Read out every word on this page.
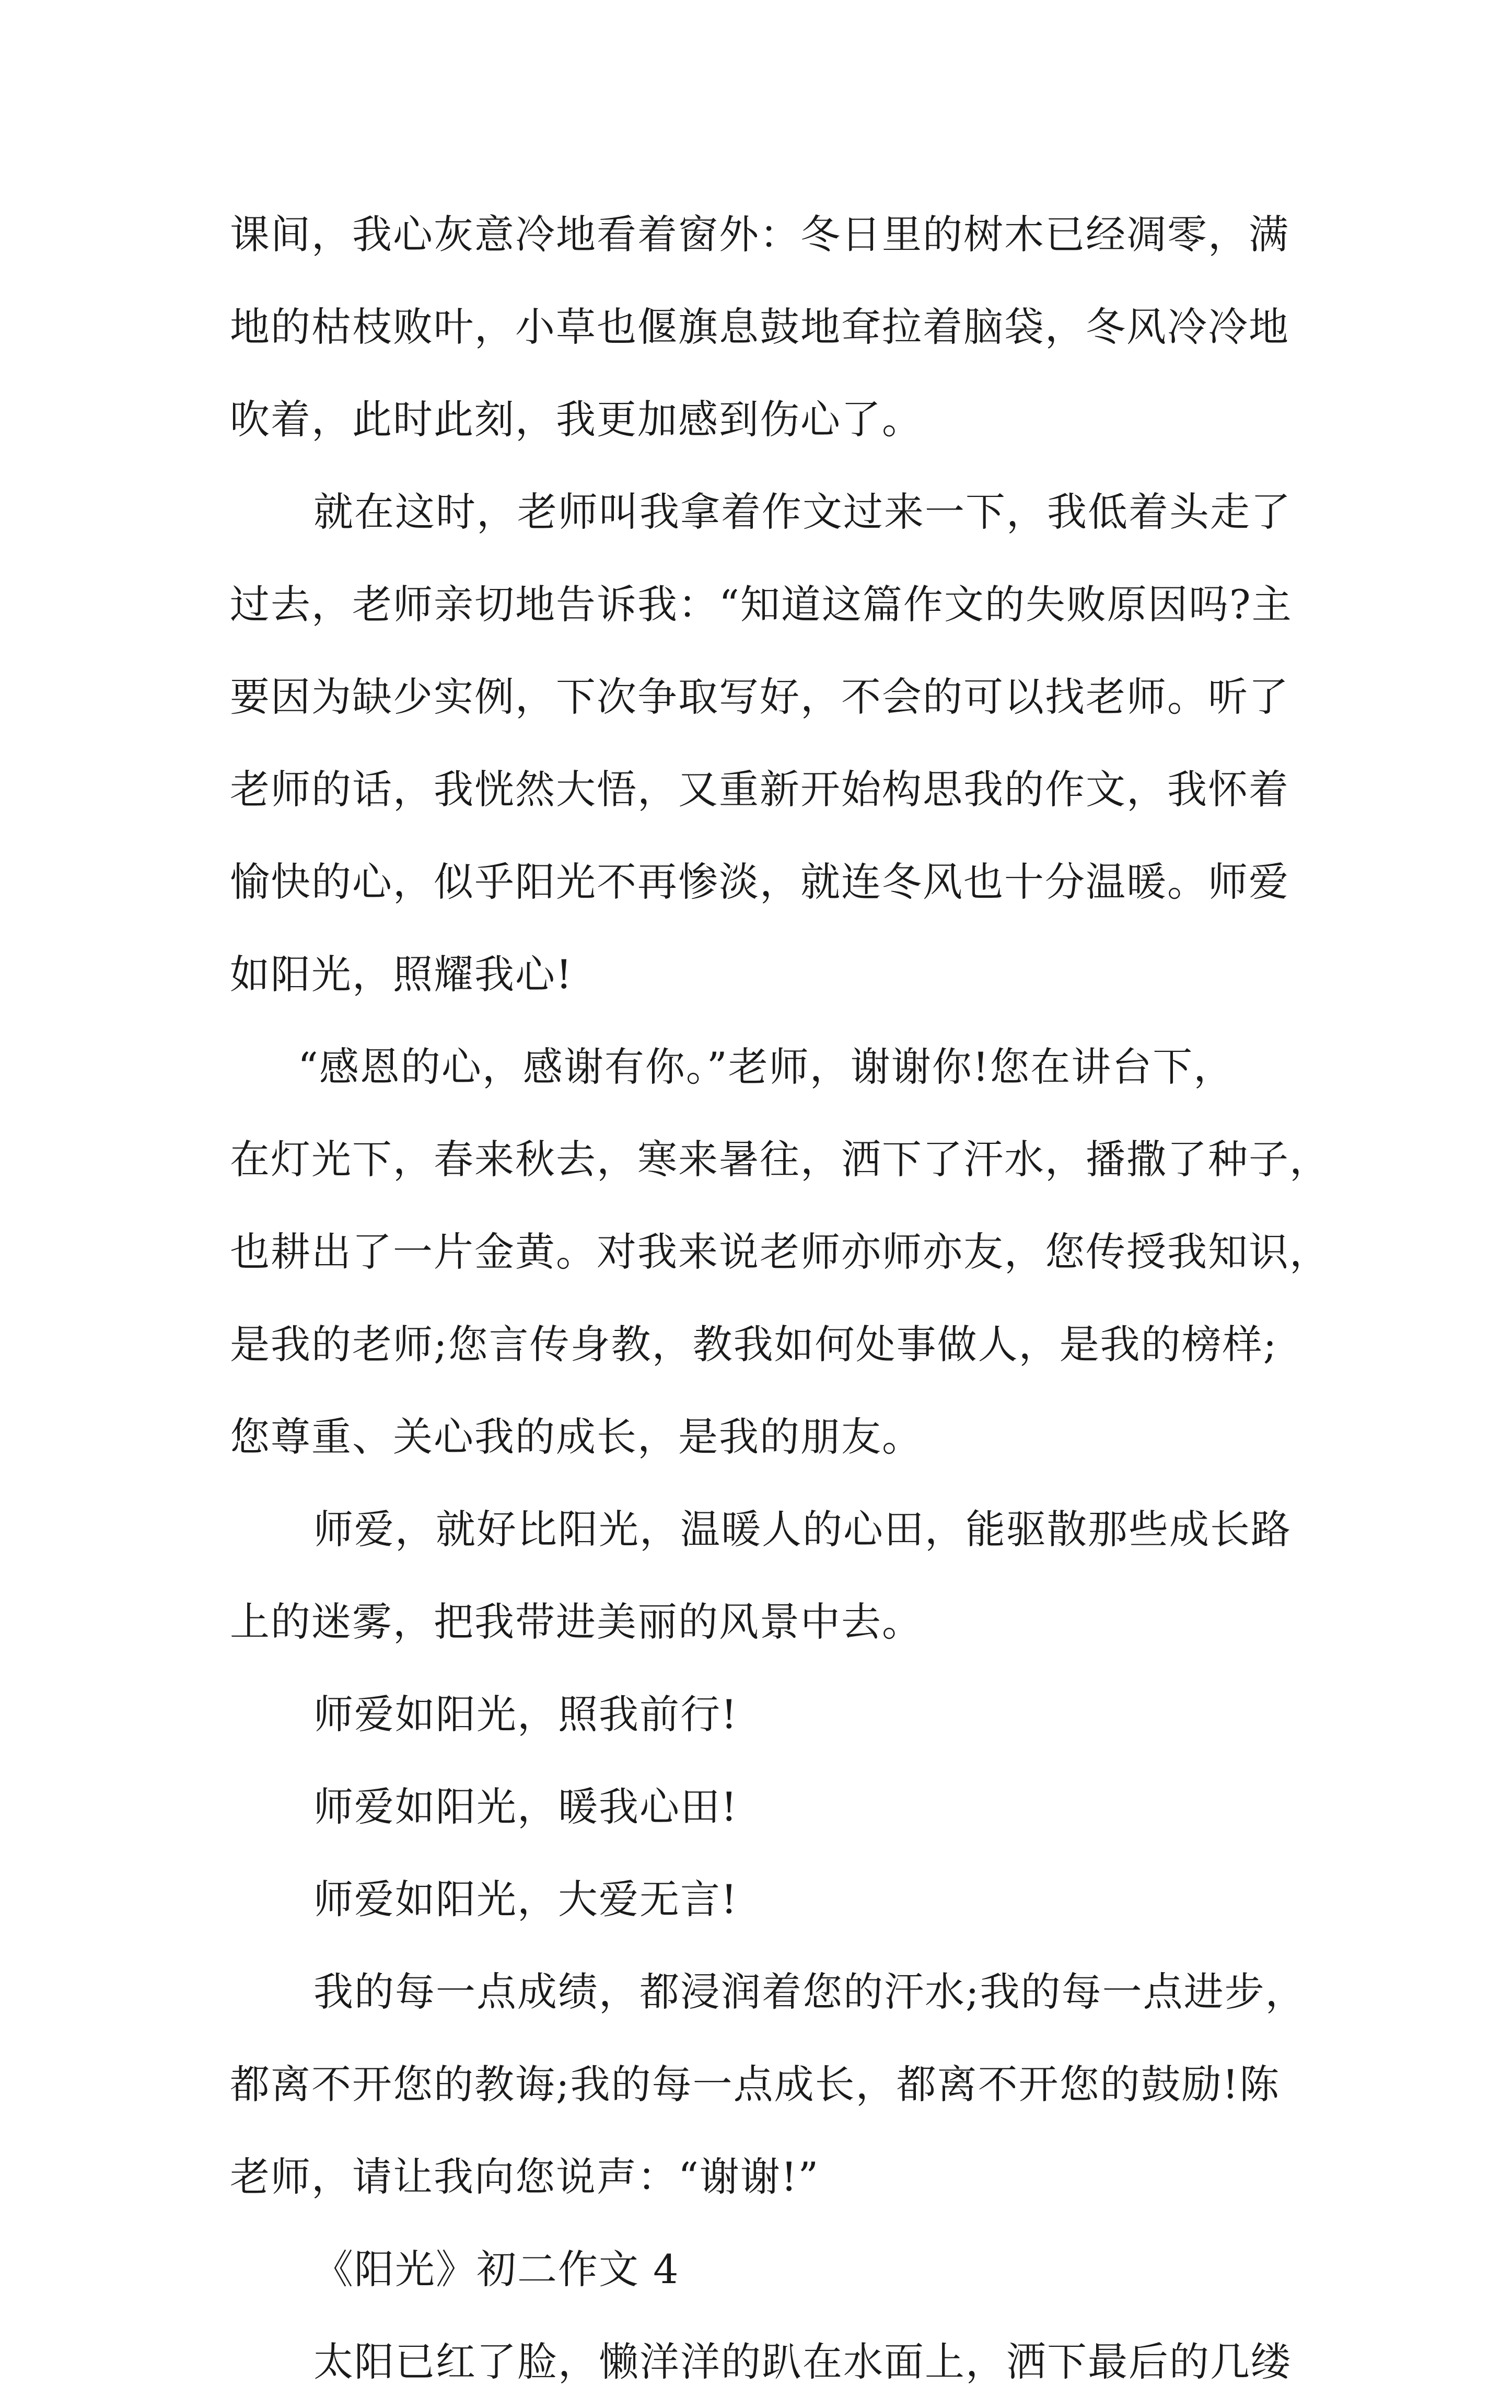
课间，我心灰意冷地看着窗外：冬日里的树木已经凋零，满
地的枯枝败叶，小草也偃旗息鼓地耷拉着脑袋，冬风冷冷地
吹着，此时此刻，我更加感到伤心了。
就在这时，老师叫我拿着作文过来一下，我低着头走了
过去，老师亲切地告诉我：“知道这篇作文的失败原因吗?主
要因为缺少实例，下次争取写好，不会的可以找老师。听了
老师的话，我恍然大悟，又重新开始构思我的作文，我怀着
愉快的心，似乎阳光不再惨淡，就连冬风也十分温暖。师爱
如阳光，照耀我心!
“感恩的心，感谢有你。”老师，谢谢你!您在讲台下，
在灯光下，春来秋去，寒来暑往，洒下了汗水，播撒了种子，
也耕出了一片金黄。对我来说老师亦师亦友，您传授我知识，
是我的老师;您言传身教，教我如何处事做人，是我的榜样;
您尊重、关心我的成长，是我的朋友。
师爱，就好比阳光，温暖人的心田，能驱散那些成长路
上的迷雾，把我带进美丽的风景中去。
师爱如阳光，照我前行!
师爱如阳光，暖我心田!
师爱如阳光，大爱无言!
我的每一点成绩，都浸润着您的汗水;我的每一点进步，
都离不开您的教诲;我的每一点成长，都离不开您的鼓励!陈
老师，请让我向您说声：“谢谢!”
《阳光》初二作文 4
太阳已红了脸，懒洋洋的趴在水面上，洒下最后的几缕
